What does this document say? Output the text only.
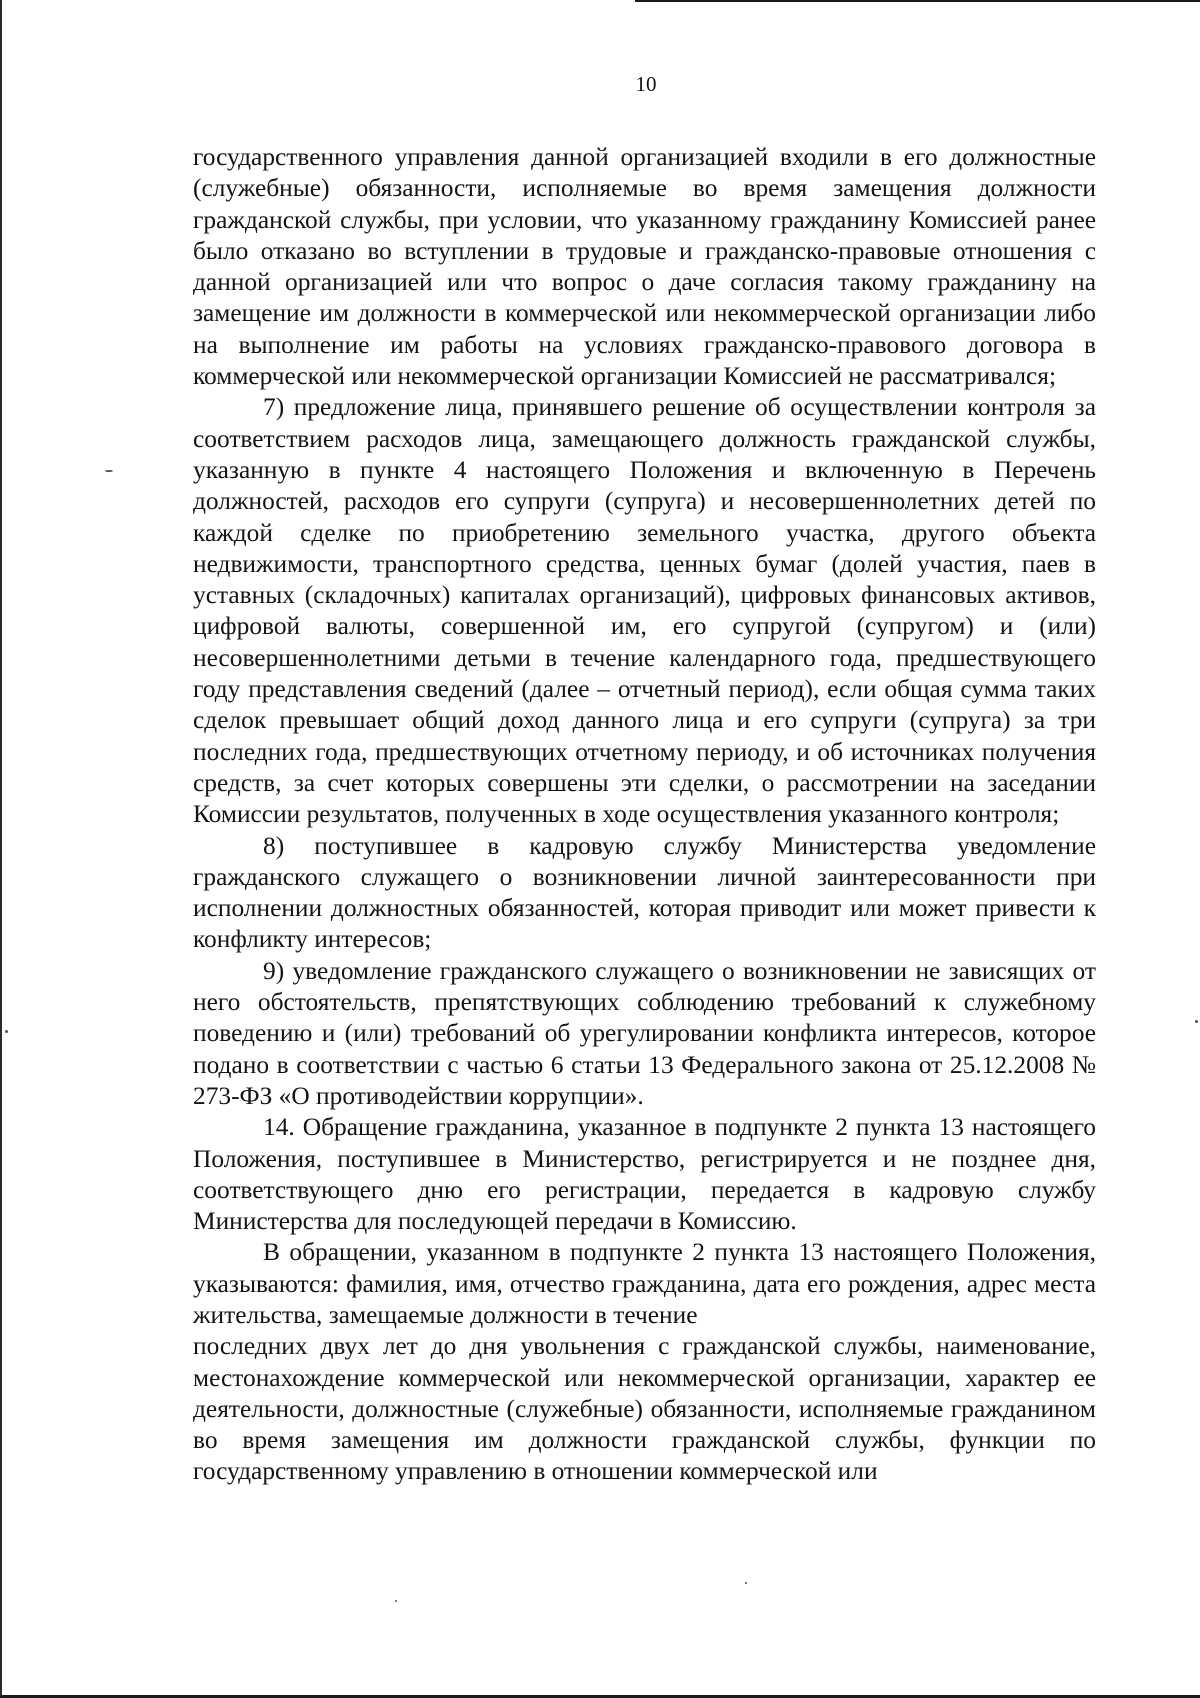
10

государственного управления данной организацией входили в его должностные (служебные) обязанности, исполняемые во время замещения должности гражданской службы, при условии, что указанному гражданину Комиссией ранее было отказано во вступлении в трудовые и гражданско-правовые отношения с данной организацией или что вопрос о даче согласия такому гражданину на замещение им должности в коммерческой или некоммерческой организации либо на выполнение им работы на условиях гражданско-правового договора в коммерческой или некоммерческой организации Комиссией не рассматривался;

7) предложение лица, принявшего решение об осуществлении контроля за соответствием расходов лица, замещающего должность гражданской службы, указанную в пункте 4 настоящего Положения и включенную в Перечень должностей, расходов его супруги (супруга) и несовершеннолетних детей по каждой сделке по приобретению земельного участка, другого объекта недвижимости, транспортного средства, ценных бумаг (долей участия, паев в уставных (складочных) капиталах организаций), цифровых финансовых активов, цифровой валюты, совершенной им, его супругой (супругом) и (или) несовершеннолетними детьми в течение календарного года, предшествующего году представления сведений (далее – отчетный период), если общая сумма таких сделок превышает общий доход данного лица и его супруги (супруга) за три последних года, предшествующих отчетному периоду, и об источниках получения средств, за счет которых совершены эти сделки, о рассмотрении на заседании Комиссии результатов, полученных в ходе осуществления указанного контроля;

8) поступившее в кадровую службу Министерства уведомление гражданского служащего о возникновении личной заинтересованности при исполнении должностных обязанностей, которая приводит или может привести к конфликту интересов;

9) уведомление гражданского служащего о возникновении не зависящих от него обстоятельств, препятствующих соблюдению требований к служебному поведению и (или) требований об урегулировании конфликта интересов, которое подано в соответствии с частью 6 статьи 13 Федерального закона от 25.12.2008 № 273-ФЗ «О противодействии коррупции».

14. Обращение гражданина, указанное в подпункте 2 пункта 13 настоящего Положения, поступившее в Министерство, регистрируется и не позднее дня, соответствующего дню его регистрации, передается в кадровую службу Министерства для последующей передачи в Комиссию.

В обращении, указанном в подпункте 2 пункта 13 настоящего Положения, указываются: фамилия, имя, отчество гражданина, дата его рождения, адрес места жительства, замещаемые должности в течение

последних двух лет до дня увольнения с гражданской службы, наименование, местонахождение коммерческой или некоммерческой организации, характер ее деятельности, должностные (служебные) обязанности, исполняемые гражданином во время замещения им должности гражданской службы, функции по государственному управлению в отношении коммерческой или
